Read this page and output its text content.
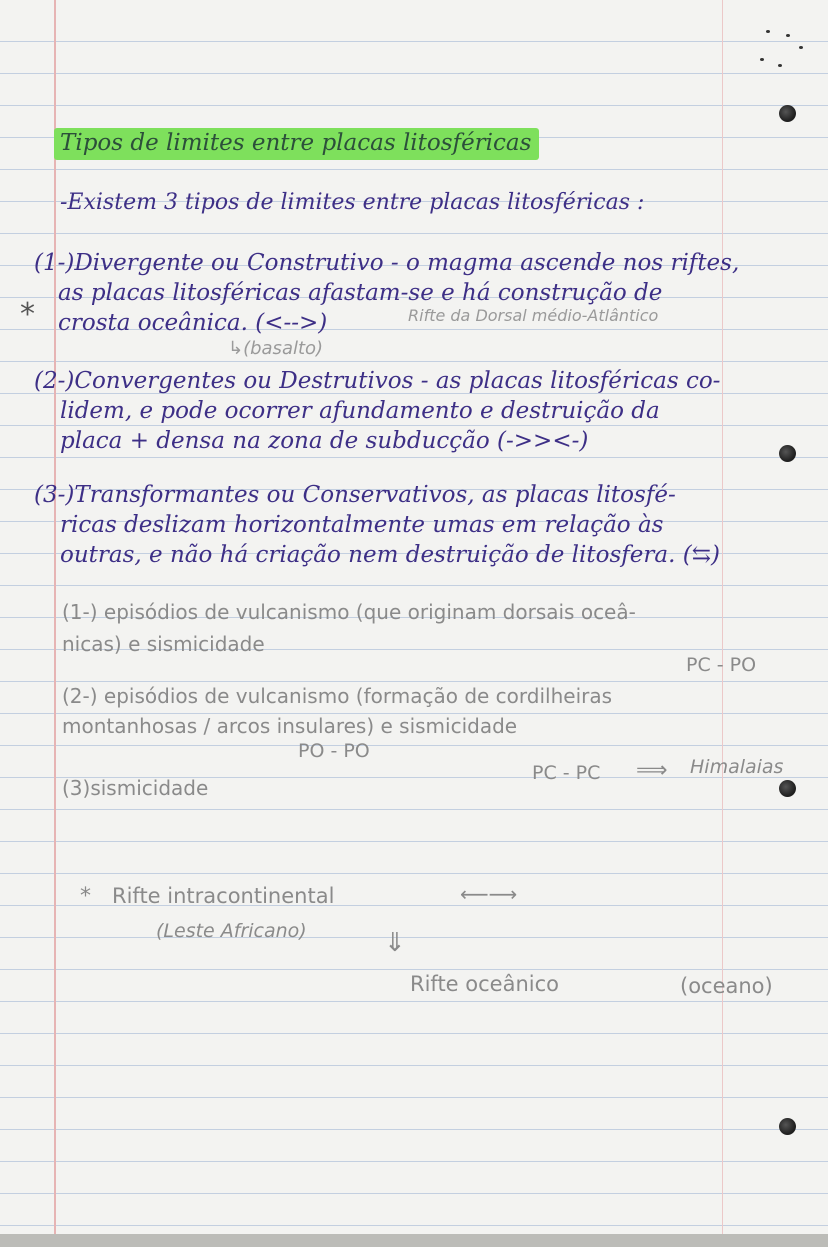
Tipos de limites entre placas litosféricas
-Existem 3 tipos de limites entre placas litosféricas :
(1-)Divergente ou Construtivo - o magma ascende nos riftes,
as placas litosféricas afastam-se e há construção de
* crosta oceânica. (<-->)	Rifte da Dorsal médio-Atlântico
↳(basalto)
(2-)Convergentes ou Destrutivos - as placas litosféricas co-
lidem, e pode ocorrer afundamento e destruição da
placa + densa na zona de subducção (->><-)
(3-)Transformantes ou Conservativos, as placas litosfé-
ricas deslizam horizontalmente umas em relação às
outras, e não há criação nem destruição de litosfera. (⇆)
(1-) episódios de vulcanismo (que originam dorsais oceâ-
nicas) e sismicidade
PC - PO
(2-) episódios de vulcanismo (formação de cordilheiras
montanhosas / arcos insulares) e sismicidade
PO - PO
(3)sismicidade
PC - PC ⟹ Himalaias
* Rifte intracontinental	⟵⟶
(Leste Africano)	⇓
Rifte oceânico	(oceano)
